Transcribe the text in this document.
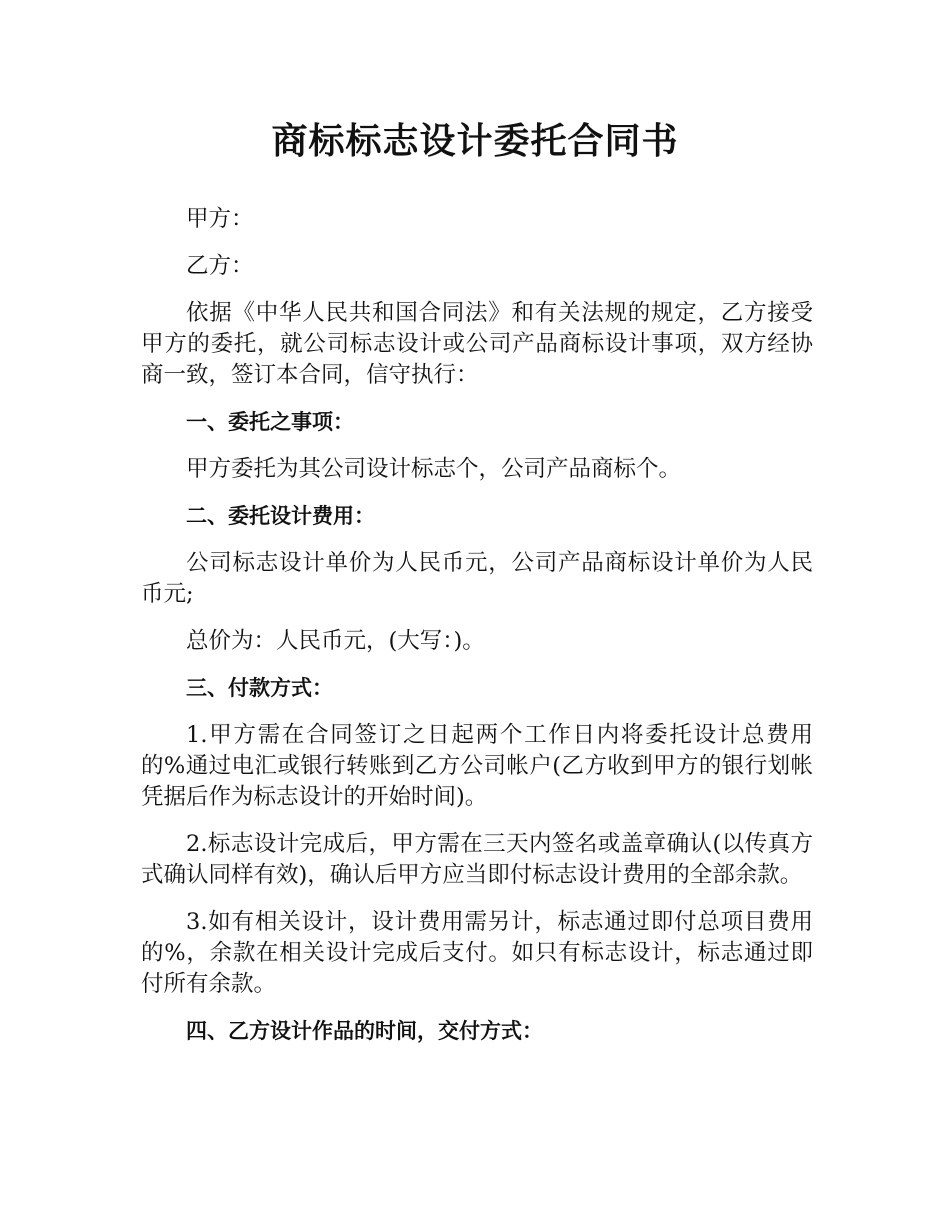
商标标志设计委托合同书

甲方：

乙方：

依据《中华人民共和国合同法》和有关法规的规定，乙方接受甲方的委托，就公司标志设计或公司产品商标设计事项，双方经协商一致，签订本合同，信守执行：

一、委托之事项：

甲方委托为其公司设计标志个，公司产品商标个。

二、委托设计费用：

公司标志设计单价为人民币元，公司产品商标设计单价为人民币元;

总价为：人民币元，(大写：)。

三、付款方式：

1.甲方需在合同签订之日起两个工作日内将委托设计总费用的%通过电汇或银行转账到乙方公司帐户(乙方收到甲方的银行划帐凭据后作为标志设计的开始时间)。

2.标志设计完成后，甲方需在三天内签名或盖章确认(以传真方式确认同样有效)，确认后甲方应当即付标志设计费用的全部余款。

3.如有相关设计，设计费用需另计，标志通过即付总项目费用的%，余款在相关设计完成后支付。如只有标志设计，标志通过即付所有余款。

四、乙方设计作品的时间，交付方式：
